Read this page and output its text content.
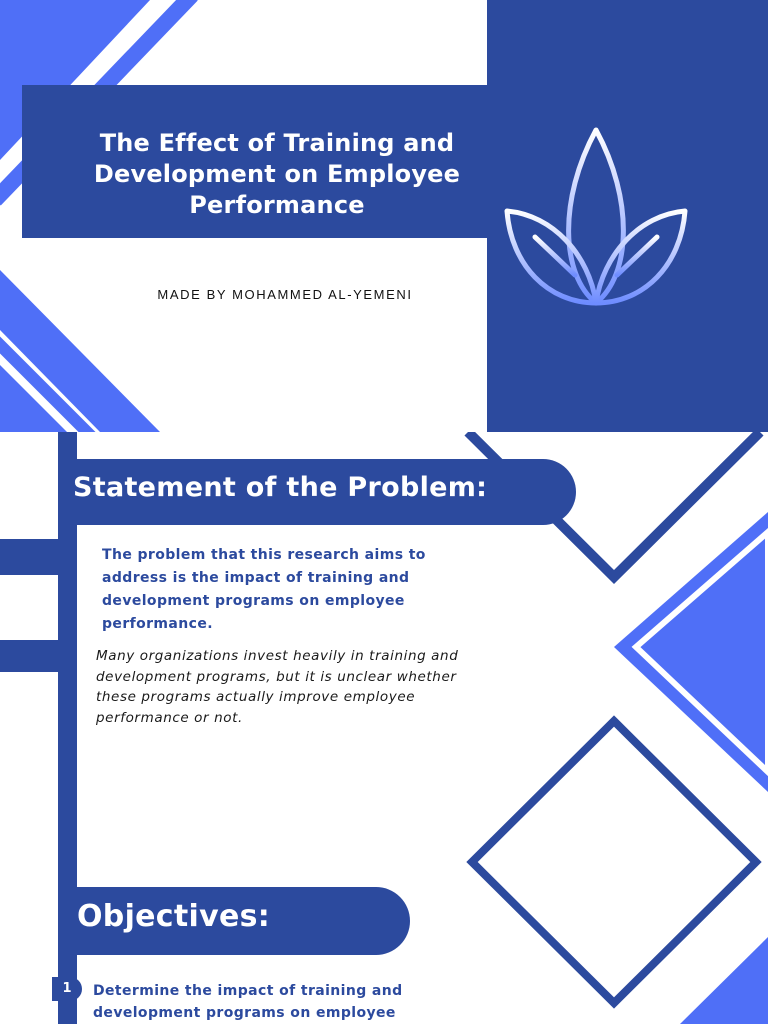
The Effect of Training and Development on Employee Performance
MADE BY MOHAMMED AL-YEMENI
Statement of the Problem:
The problem that this research aims to address is the impact of training and development programs on employee performance.
Many organizations invest heavily in training and development programs, but it is unclear whether these programs actually improve employee performance or not.
Objectives:
1	Determine the impact of training and development programs on employee
